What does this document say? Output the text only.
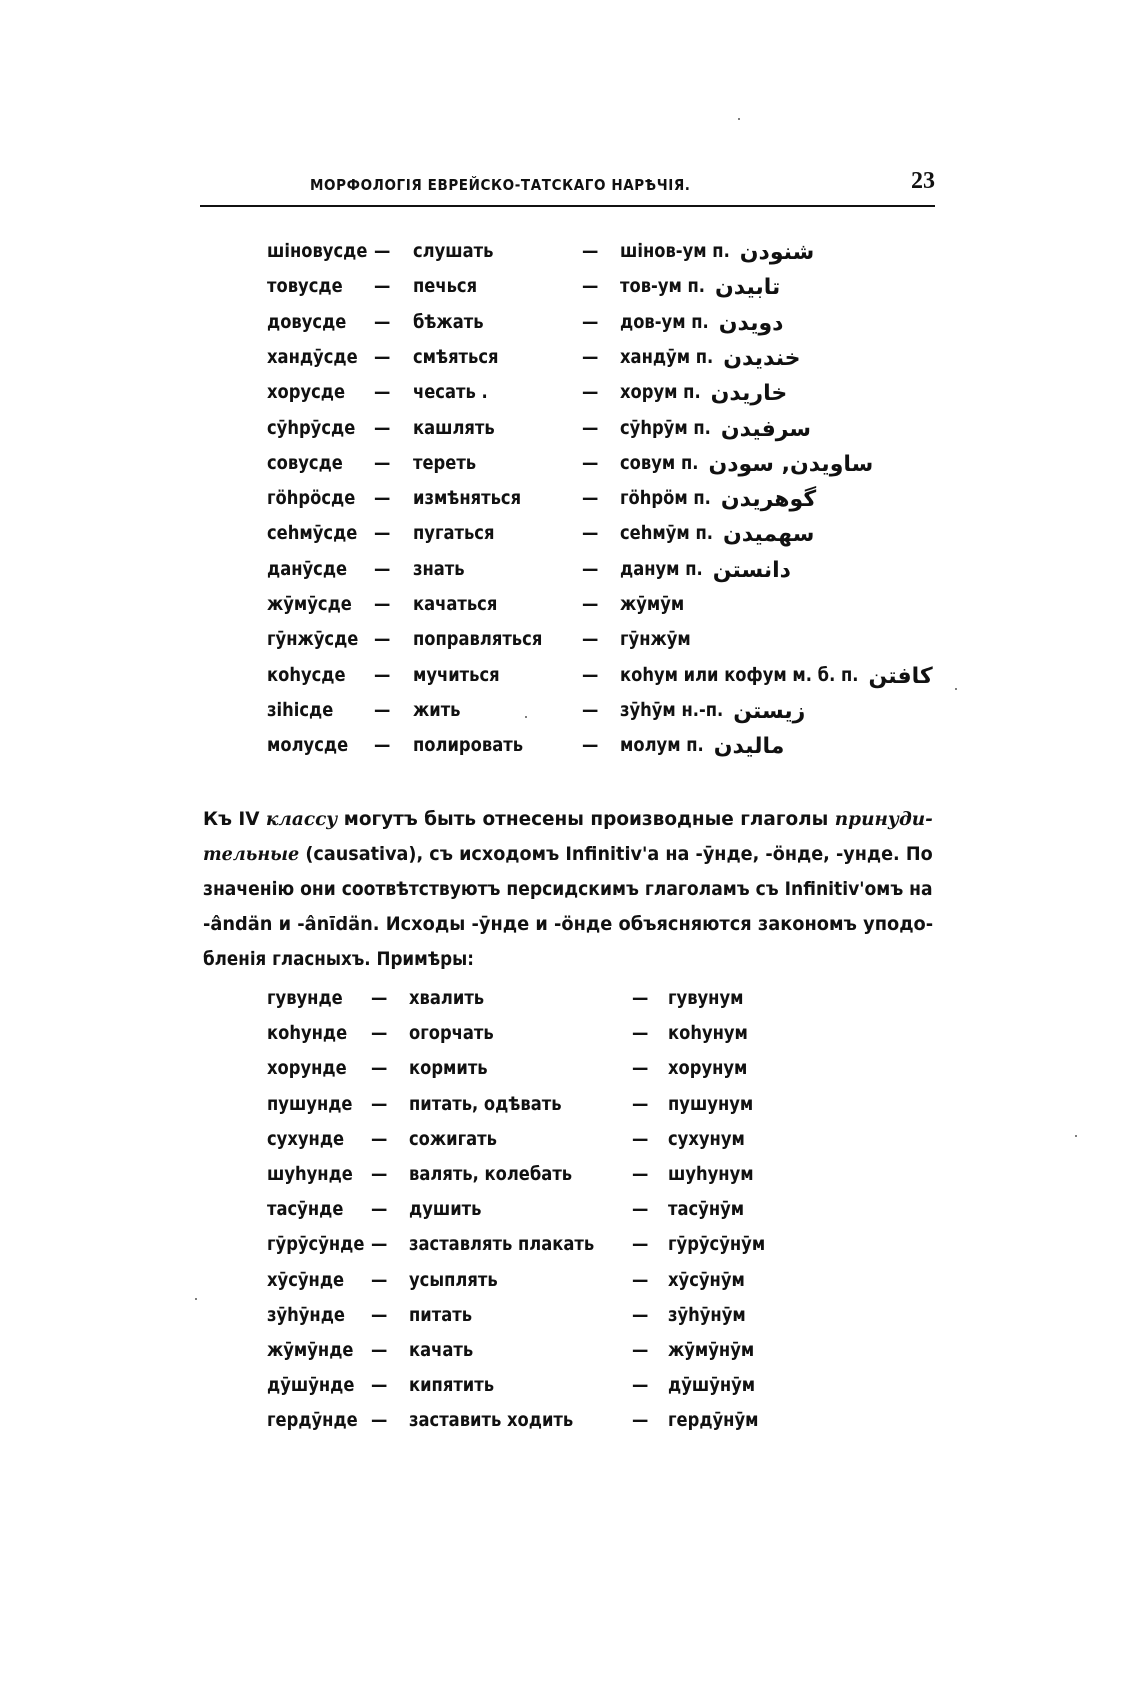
МОРФОЛОГІЯ ЕВРЕЙСКО-ТАТСКАГО НАРѢЧІЯ.	23
шіновусде — слушать	— шінов-ум п. شنودن
товусде — печься	— тов-ум п. تابیدن
довусде — бѣжать	— дов-ум п. دویدن
хандӯсде — смѣяться	— хандӯм п. خندیدن
хорусде — чесать .	— хорум п. خاریدن
сӯһрӯсде — кашлять	— сӯһрӯм п. سرفیدن
совусде — тереть	— совум п. ساویدن, سودن
гӧһрӧсде — измѣняться	— гӧһрӧм п. گوهریدن
сеһмӯсде — пугаться	— сеһмӯм п. سهمیدن
данӯсде — знать	— данум п. دانستن
жӯмӯсде — качаться	— жӯмӯм
гӯнжӯсде — поправляться — гӯнжӯм
коһусде — мучиться	— коһум или кофум м. б. п. کافتن
зіһісде — жить	— зӯһӯм н.-п. زیستن
молусде — полировать	— молум п. مالیدن
Къ IV классу могутъ быть отнесены производные глаголы принуди-
тельные (causativa), съ исходомъ Infinitiv'а на -ӯнде, -ӧнде, -унде. По
значенію они соотвѣтствуютъ персидскимъ глаголамъ съ Infinitiv'омъ на
-ândän и -ânīdän. Исходы -ӯнде и -ӧнде объясняются закономъ уподо-
бленія гласныхъ. Примѣры:
гувунде — хвалить	— гувунум
коһунде — огорчать	— коһунум
хорунде — кормить	— хорунум
пушунде — питать, одѣвать	— пушунум
сухунде — сожигать	— сухунум
шуһунде — валять, колебать	— шуһунум
тасӯнде — душить	— тасӯнӯм
гӯрӯсӯнде — заставлять плакать — гӯрӯсӯнӯм
хӯсӯнде — усыплять	— хӯсӯнӯм
зӯһӯнде — питать	— зӯһӯнӯм
жӯмӯнде — качать	— жӯмӯнӯм
дӯшӯнде — кипятить	— дӯшӯнӯм
гердӯнде — заставить ходить	— гердӯнӯм
